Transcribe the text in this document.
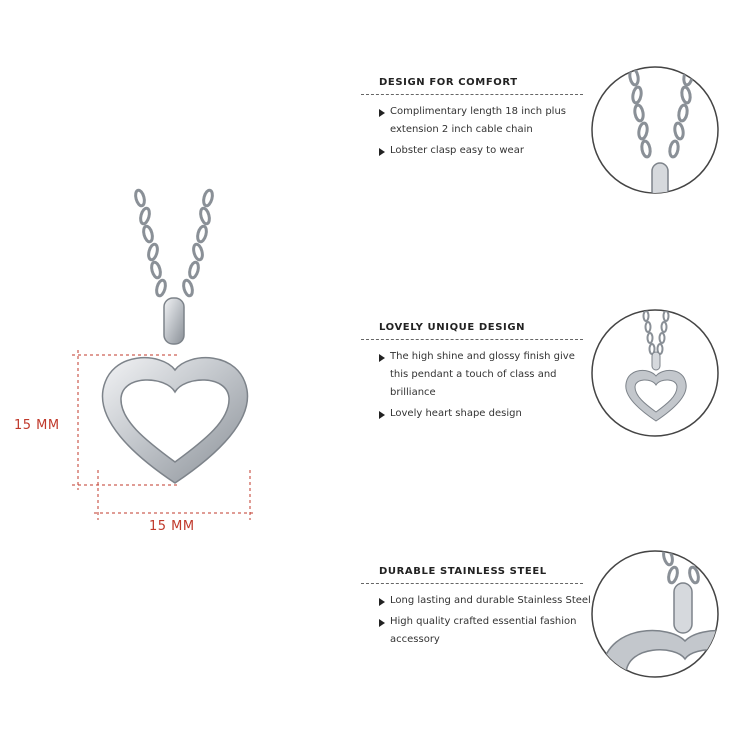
15 MM
15 MM
DESIGN FOR COMFORT
Complimentary length 18 inch plus extension 2 inch cable chain
Lobster clasp easy to wear
LOVELY UNIQUE DESIGN
The high shine and glossy finish give this pendant a touch of class and brilliance
Lovely heart shape design
DURABLE STAINLESS STEEL
Long lasting and durable Stainless Steel
High quality crafted essential fashion accessory
